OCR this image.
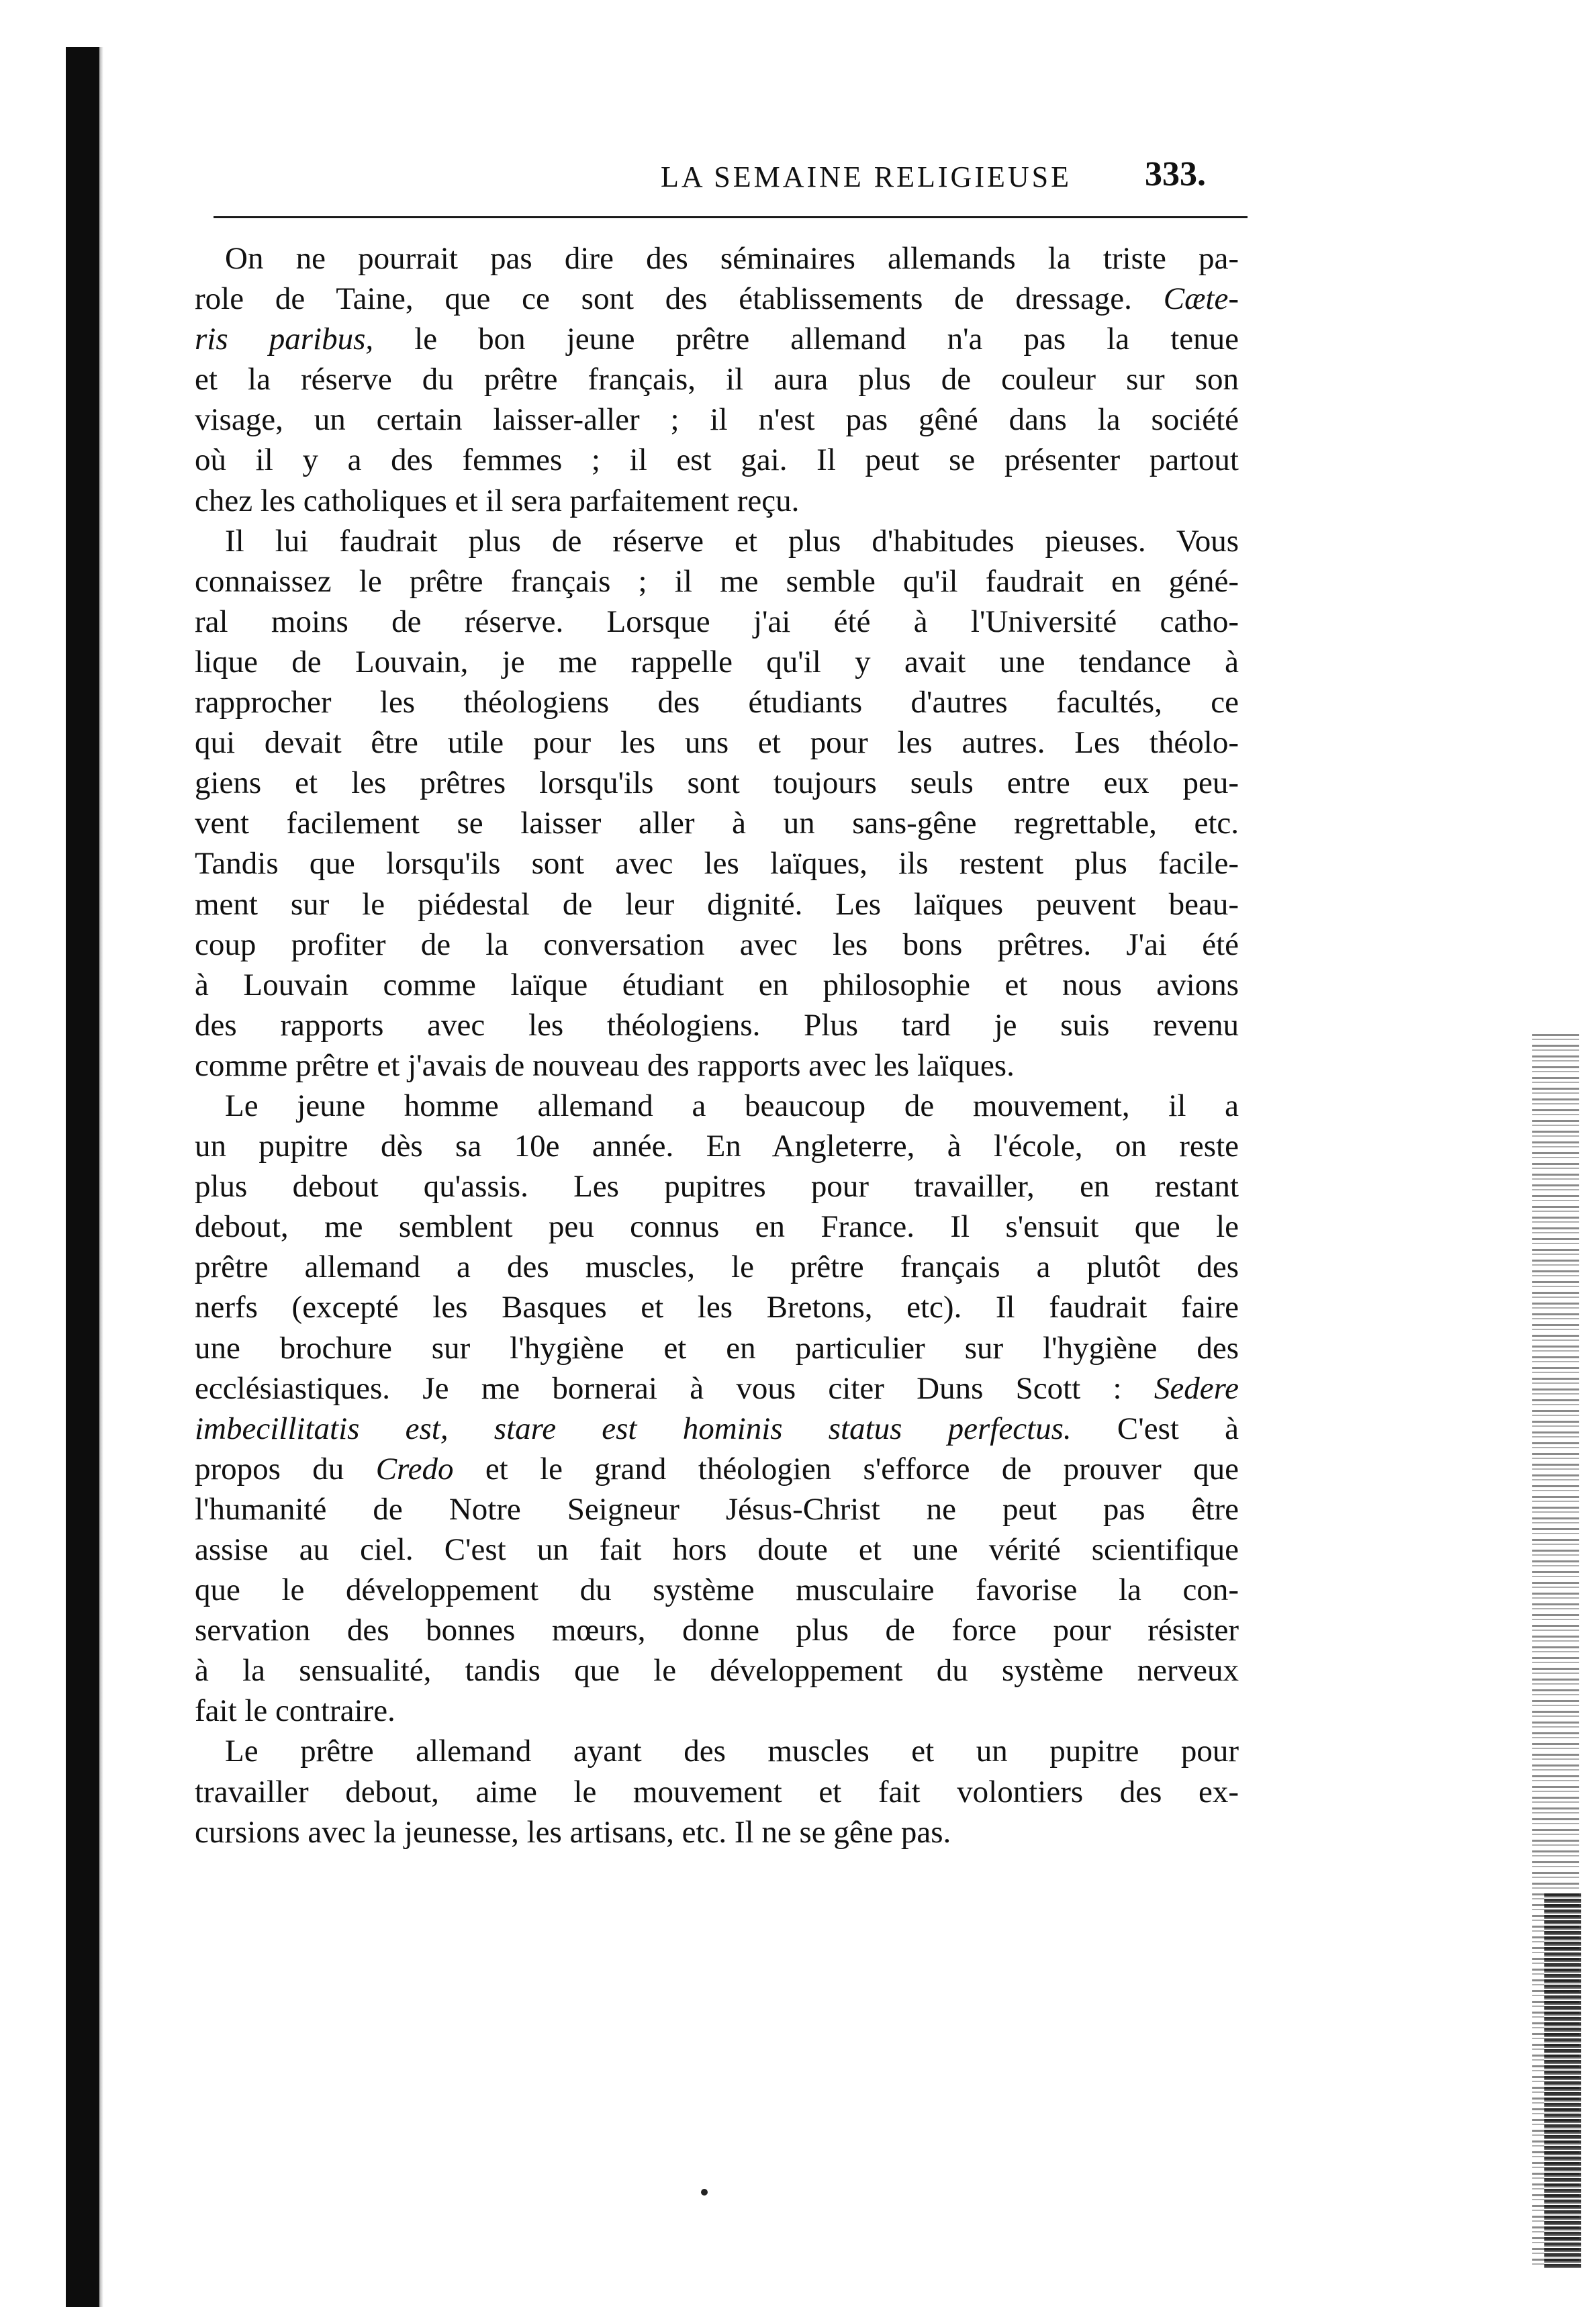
LA SEMAINE RELIGIEUSE	333.
On ne pourrait pas dire des séminaires allemands la triste pa-
role de Taine, que ce sont des établissements de dressage. Cæte-
ris paribus, le bon jeune prêtre allemand n'a pas la tenue
et la réserve du prêtre français, il aura plus de couleur sur son
visage, un certain laisser-aller ; il n'est pas gêné dans la société
où il y a des femmes ; il est gai. Il peut se présenter partout
chez les catholiques et il sera parfaitement reçu.
Il lui faudrait plus de réserve et plus d'habitudes pieuses. Vous
connaissez le prêtre français ; il me semble qu'il faudrait en géné-
ral moins de réserve. Lorsque j'ai été à l'Université catho-
lique de Louvain, je me rappelle qu'il y avait une tendance à
rapprocher les théologiens des étudiants d'autres facultés, ce
qui devait être utile pour les uns et pour les autres. Les théolo-
giens et les prêtres lorsqu'ils sont toujours seuls entre eux peu-
vent facilement se laisser aller à un sans-gêne regrettable, etc.
Tandis que lorsqu'ils sont avec les laïques, ils restent plus facile-
ment sur le piédestal de leur dignité. Les laïques peuvent beau-
coup profiter de la conversation avec les bons prêtres. J'ai été
à Louvain comme laïque étudiant en philosophie et nous avions
des rapports avec les théologiens. Plus tard je suis revenu
comme prêtre et j'avais de nouveau des rapports avec les laïques.
Le jeune homme allemand a beaucoup de mouvement, il a
un pupitre dès sa 10e année. En Angleterre, à l'école, on reste
plus debout qu'assis. Les pupitres pour travailler, en restant
debout, me semblent peu connus en France. Il s'ensuit que le
prêtre allemand a des muscles, le prêtre français a plutôt des
nerfs (excepté les Basques et les Bretons, etc). Il faudrait faire
une brochure sur l'hygiène et en particulier sur l'hygiène des
ecclésiastiques. Je me bornerai à vous citer Duns Scott : Sedere
imbecillitatis est, stare est hominis status perfectus. C'est à
propos du Credo et le grand théologien s'efforce de prouver que
l'humanité de Notre Seigneur Jésus-Christ ne peut pas être
assise au ciel. C'est un fait hors doute et une vérité scientifique
que le développement du système musculaire favorise la con-
servation des bonnes mœurs, donne plus de force pour résister
à la sensualité, tandis que le développement du système nerveux
fait le contraire.
Le prêtre allemand ayant des muscles et un pupitre pour
travailler debout, aime le mouvement et fait volontiers des ex-
cursions avec la jeunesse, les artisans, etc. Il ne se gêne pas.
